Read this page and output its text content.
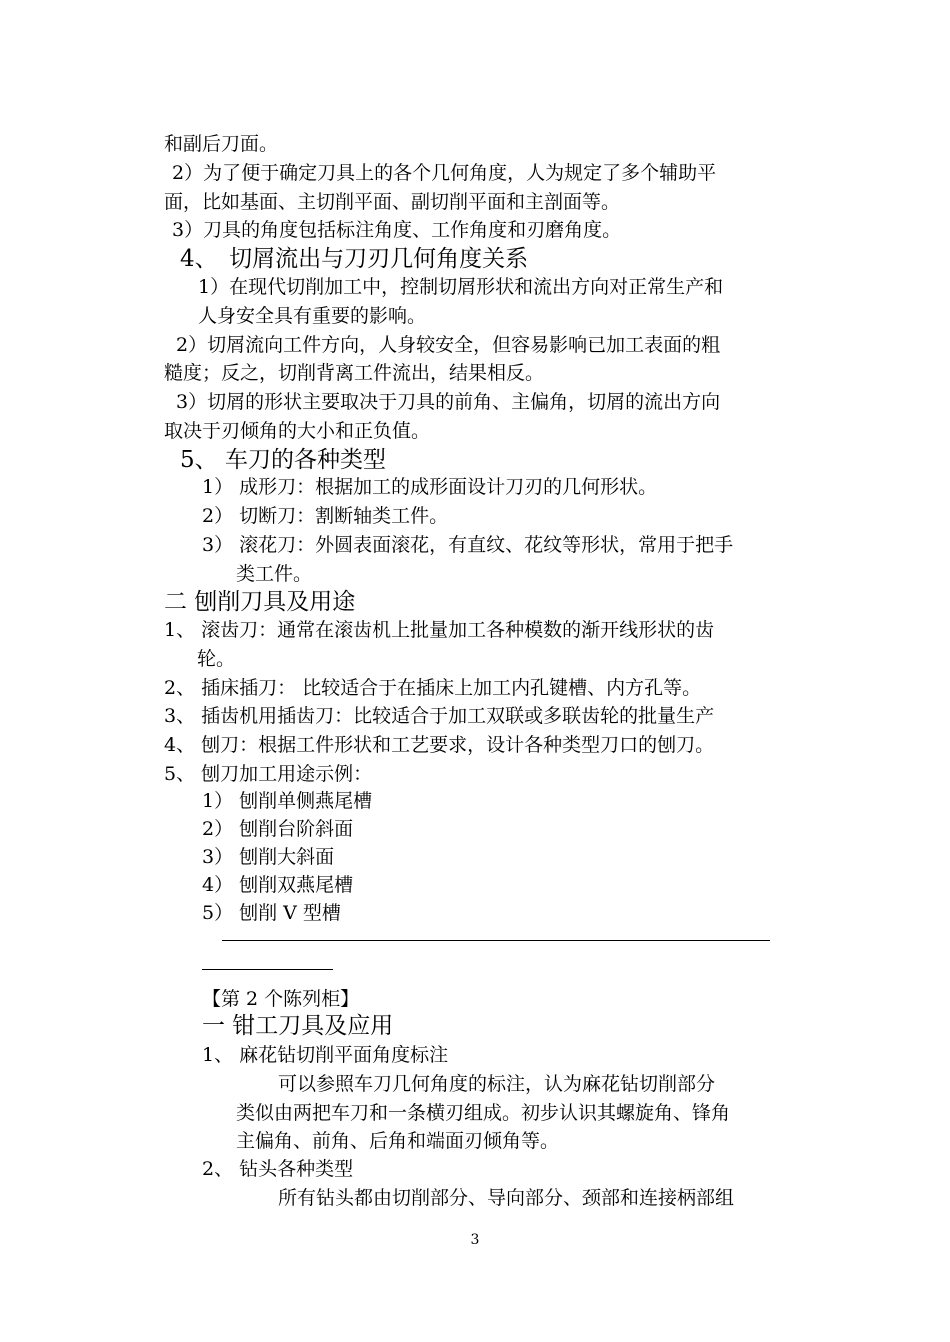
和副后刀面。
2）为了便于确定刀具上的各个几何角度，人为规定了多个辅助平
面，比如基面、主切削平面、副切削平面和主剖面等。
3）刀具的角度包括标注角度、工作角度和刃磨角度。
4、　切屑流出与刀刃几何角度关系
1）在现代切削加工中，控制切屑形状和流出方向对正常生产和
人身安全具有重要的影响。
2）切屑流向工件方向，人身较安全，但容易影响已加工表面的粗
糙度；反之，切削背离工件流出，结果相反。
3）切屑的形状主要取决于刀具的前角、主偏角，切屑的流出方向
取决于刃倾角的大小和正负值。
5、 车刀的各种类型
1） 成形刀：根据加工的成形面设计刀刃的几何形状。
2） 切断刀：割断轴类工件。
3） 滚花刀：外圆表面滚花，有直纹、花纹等形状，常用于把手
类工件。
二 刨削刀具及用途
1、 滚齿刀：通常在滚齿机上批量加工各种模数的渐开线形状的齿
轮。
2、 插床插刀： 比较适合于在插床上加工内孔键槽、内方孔等。
3、 插齿机用插齿刀：比较适合于加工双联或多联齿轮的批量生产
4、 刨刀：根据工件形状和工艺要求，设计各种类型刀口的刨刀。
5、 刨刀加工用途示例：
1） 刨削单侧燕尾槽
2） 刨削台阶斜面
3） 刨削大斜面
4） 刨削双燕尾槽
5） 刨削 V 型槽
【第 2 个陈列柜】
一 钳工刀具及应用
1、 麻花钻切削平面角度标注
可以参照车刀几何角度的标注，认为麻花钻切削部分
类似由两把车刀和一条横刃组成。初步认识其螺旋角、锋角
主偏角、前角、后角和端面刃倾角等。
2、 钻头各种类型
所有钻头都由切削部分、导向部分、颈部和连接柄部组
3
